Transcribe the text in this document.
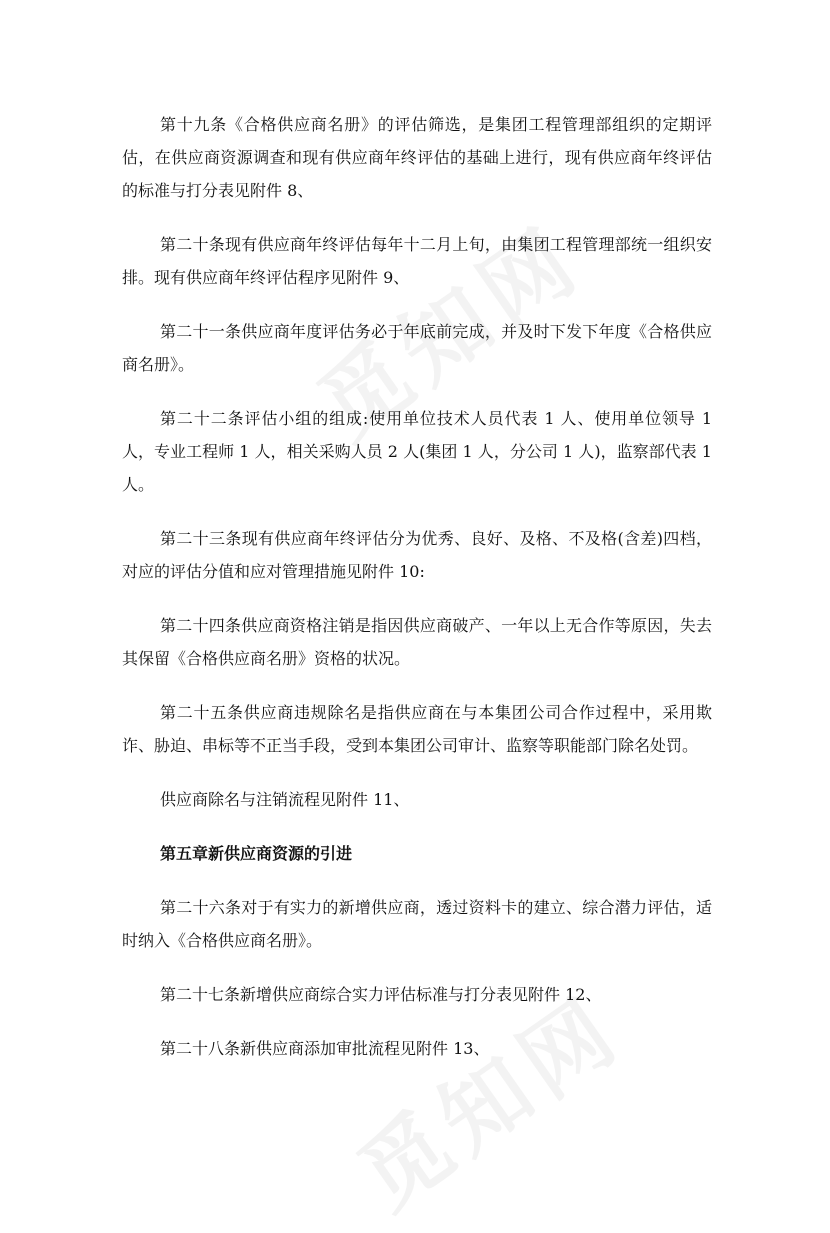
第十九条《合格供应商名册》的评估筛选，是集团工程管理部组织的定期评估，在供应商资源调查和现有供应商年终评估的基础上进行，现有供应商年终评估的标准与打分表见附件 8、

第二十条现有供应商年终评估每年十二月上旬，由集团工程管理部统一组织安排。现有供应商年终评估程序见附件 9、

第二十一条供应商年度评估务必于年底前完成，并及时下发下年度《合格供应商名册》。

第二十二条评估小组的组成:使用单位技术人员代表 1 人、使用单位领导 1 人，专业工程师 1 人，相关采购人员 2 人(集团 1 人，分公司 1 人)，监察部代表 1 人。

第二十三条现有供应商年终评估分为优秀、良好、及格、不及格(含差)四档，对应的评估分值和应对管理措施见附件 10:

第二十四条供应商资格注销是指因供应商破产、一年以上无合作等原因，失去其保留《合格供应商名册》资格的状况。

第二十五条供应商违规除名是指供应商在与本集团公司合作过程中，采用欺诈、胁迫、串标等不正当手段，受到本集团公司审计、监察等职能部门除名处罚。

供应商除名与注销流程见附件 11、

第五章新供应商资源的引进

第二十六条对于有实力的新增供应商，透过资料卡的建立、综合潜力评估，适时纳入《合格供应商名册》。

第二十七条新增供应商综合实力评估标准与打分表见附件 12、

第二十八条新供应商添加审批流程见附件 13、
